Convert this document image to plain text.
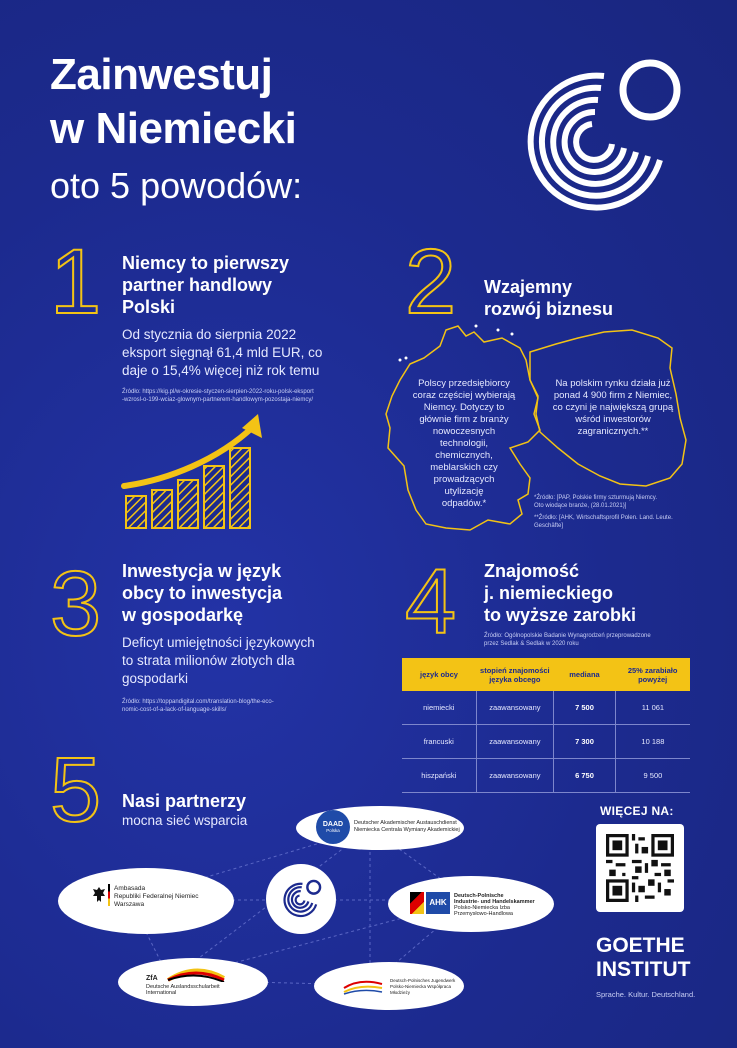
Zainwestuj
w Niemiecki
oto 5 powodów:
1 Niemcy to pierwszy
partner handlowy
Polski
Od stycznia do sierpnia 2022
eksport sięgnął 61,4 mld EUR, co
daje o 15,4% więcej niż rok temu
Źródło: https://kig.pl/w-okresie-styczen-sierpien-2022-roku-polsk-eksport
-wzrosl-o-199-wciaz-glownym-partnerem-handlowym-pozostaja-niemcy/
2 Wzajemny
rozwój biznesu
Polscy przedsiębiorcy
coraz częściej wybierają
Niemcy. Dotyczy to
głównie firm z branży
nowoczesnych
technologii,
chemicznych,
meblarskich czy
prowadzących
utylizację
odpadów.*
Na polskim rynku działa już
ponad 4 900 firm z Niemiec,
co czyni je największą grupą
wśród inwestorów
zagranicznych.**
*Źródło: [PAP, Polskie firmy szturmują Niemcy.
Oto wiodące branże, (28.01.2021)]
**Źródło: [AHK, Wirtschaftsprofil Polen. Land. Leute.
Geschäfte]
3 Inwestycja w język
obcy to inwestycja
w gospodarkę
Deficyt umiejętności językowych
to strata milionów złotych dla
gospodarki
Źródło: https://toppandigital.com/translation-blog/the-eco-
nomic-cost-of-a-lack-of-language-skills/
4 Znajomość
j. niemieckiego
to wyższe zarobki
Źródło: Ogólnopolskie Badanie Wynagrodzeń przeprowadzone
przez Sedlak & Sedlak w 2020 roku
język obcy	stopień znajomości języka obcego	mediana	25% zarabiało powyżej
niemiecki	zaawansowany	7 500	11 061
francuski	zaawansowany	7 300	10 188
hiszpański	zaawansowany	6 750	9 500
5 Nasi partnerzy
mocna sieć wsparcia	DAAD
Polska
Deutscher Akademischer Austauschdienst
Niemiecka Centrala Wymiany Akademickiej
Ambasada
Republiki Federalnej Niemiec
Warszawa	AHK
Deutsch-Polnische
Industrie- und Handelskammer
Polsko-Niemiecka Izba
Przemysłowo-Handlowa
ZfA
Deutsche Auslandsschularbeit
International
Deutsch-Polnisches Jugendwerk
Polsko-Niemiecka Współpraca Młodzieży
WIĘCEJ NA:
GOETHE
INSTITUT
Sprache. Kultur. Deutschland.
